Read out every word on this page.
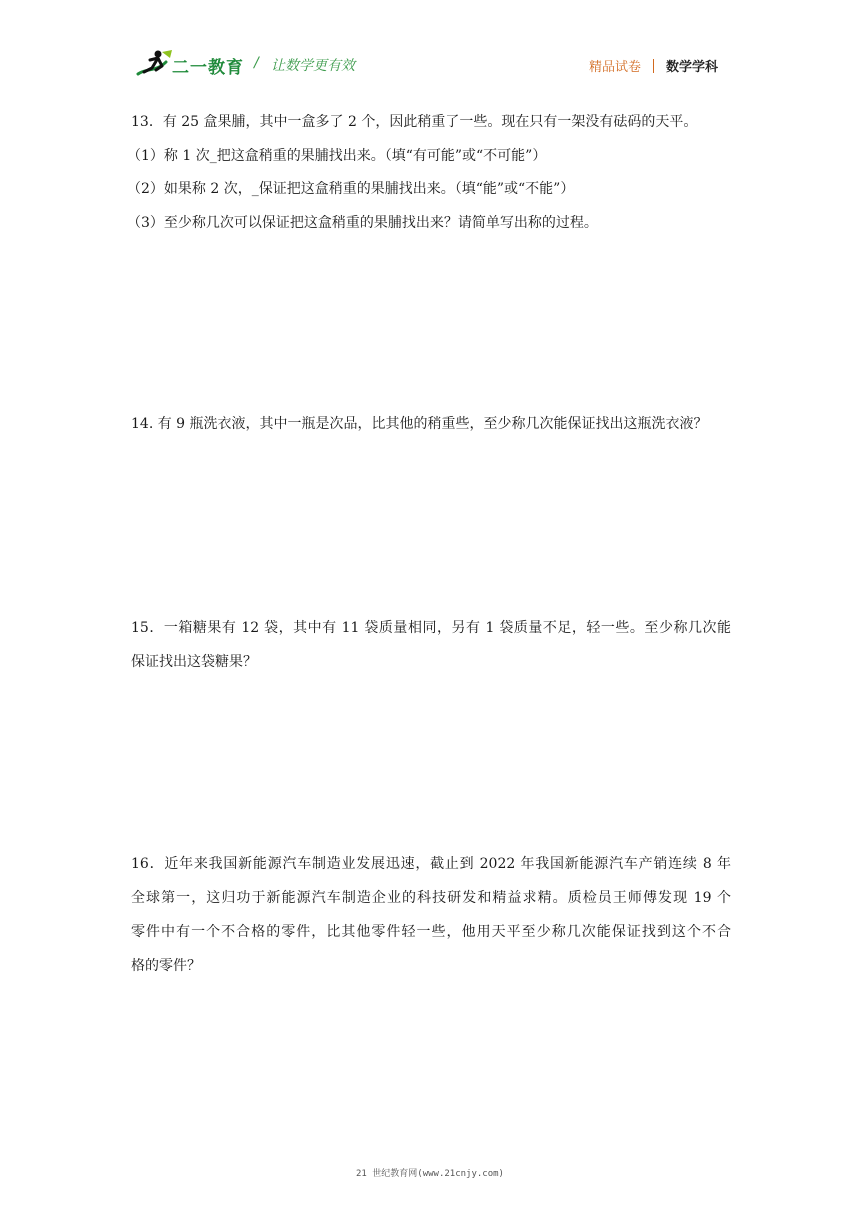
二一教育 / 让数学更有效	精品试卷 数学学科
13．有 25 盒果脯，其中一盒多了 2 个，因此稍重了一些。现在只有一架没有砝码的天平。
（1）称 1 次_把这盒稍重的果脯找出来。（填“有可能”或“不可能”）
（2）如果称 2 次，_保证把这盒稍重的果脯找出来。（填“能”或“不能”）
（3）至少称几次可以保证把这盒稍重的果脯找出来？请简单写出称的过程。
14. 有 9 瓶洗衣液，其中一瓶是次品，比其他的稍重些，至少称几次能保证找出这瓶洗衣液？
15．一箱糖果有 12 袋，其中有 11 袋质量相同，另有 1 袋质量不足，轻一些。至少称几次能
保证找出这袋糖果？
16．近年来我国新能源汽车制造业发展迅速，截止到 2022 年我国新能源汽车产销连续 8 年
全球第一，这归功于新能源汽车制造企业的科技研发和精益求精。质检员王师傅发现 19 个
零件中有一个不合格的零件，比其他零件轻一些，他用天平至少称几次能保证找到这个不合
格的零件？
21 世纪教育网(www.21cnjy.com)
